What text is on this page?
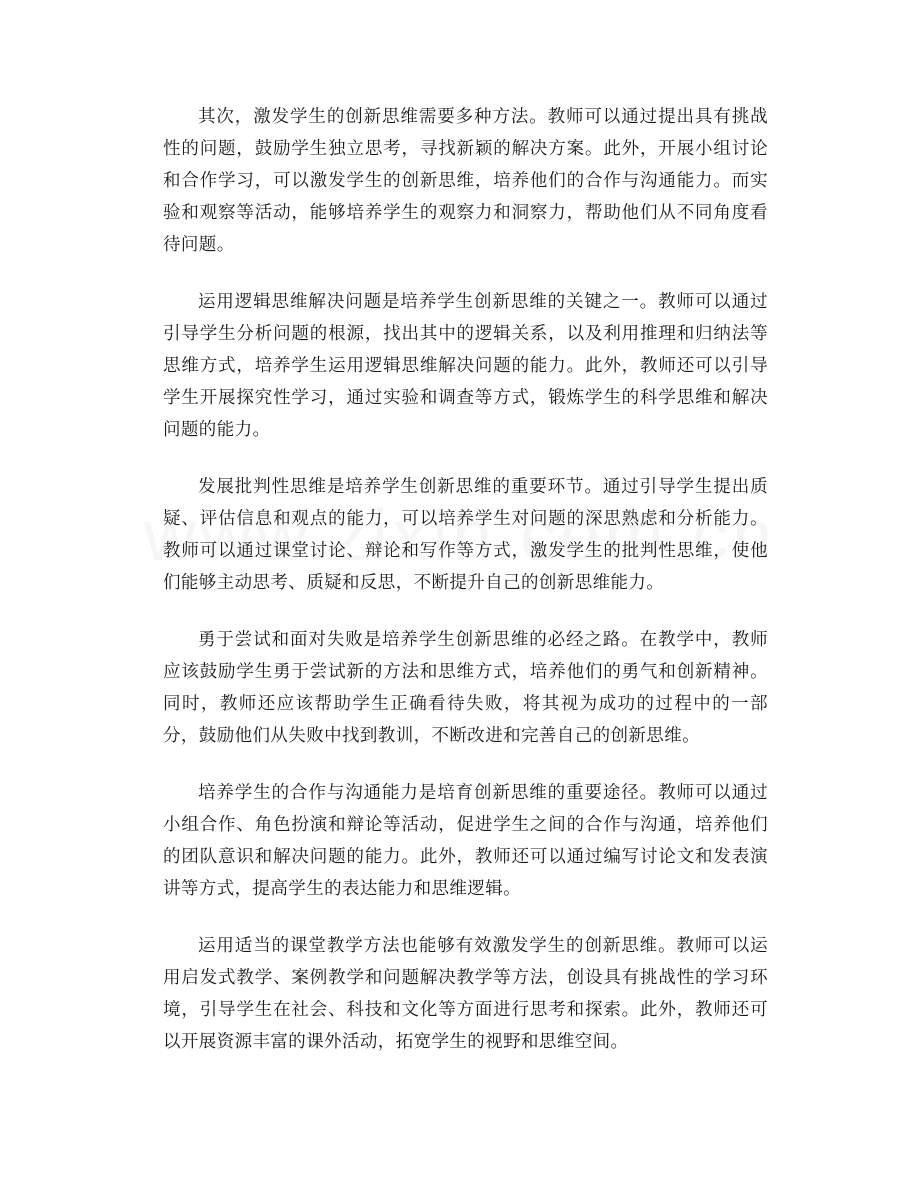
其次，激发学生的创新思维需要多种方法。教师可以通过提出具有挑战性的问题，鼓励学生独立思考，寻找新颖的解决方案。此外，开展小组讨论和合作学习，可以激发学生的创新思维，培养他们的合作与沟通能力。而实验和观察等活动，能够培养学生的观察力和洞察力，帮助他们从不同角度看待问题。

运用逻辑思维解决问题是培养学生创新思维的关键之一。教师可以通过引导学生分析问题的根源，找出其中的逻辑关系，以及利用推理和归纳法等思维方式，培养学生运用逻辑思维解决问题的能力。此外，教师还可以引导学生开展探究性学习，通过实验和调查等方式，锻炼学生的科学思维和解决问题的能力。

发展批判性思维是培养学生创新思维的重要环节。通过引导学生提出质疑、评估信息和观点的能力，可以培养学生对问题的深思熟虑和分析能力。教师可以通过课堂讨论、辩论和写作等方式，激发学生的批判性思维，使他们能够主动思考、质疑和反思，不断提升自己的创新思维能力。

勇于尝试和面对失败是培养学生创新思维的必经之路。在教学中，教师应该鼓励学生勇于尝试新的方法和思维方式，培养他们的勇气和创新精神。同时，教师还应该帮助学生正确看待失败，将其视为成功的过程中的一部分，鼓励他们从失败中找到教训，不断改进和完善自己的创新思维。

培养学生的合作与沟通能力是培育创新思维的重要途径。教师可以通过小组合作、角色扮演和辩论等活动，促进学生之间的合作与沟通，培养他们的团队意识和解决问题的能力。此外，教师还可以通过编写讨论文和发表演讲等方式，提高学生的表达能力和思维逻辑。

运用适当的课堂教学方法也能够有效激发学生的创新思维。教师可以运用启发式教学、案例教学和问题解决教学等方法，创设具有挑战性的学习环境，引导学生在社会、科技和文化等方面进行思考和探索。此外，教师还可以开展资源丰富的课外活动，拓宽学生的视野和思维空间。
